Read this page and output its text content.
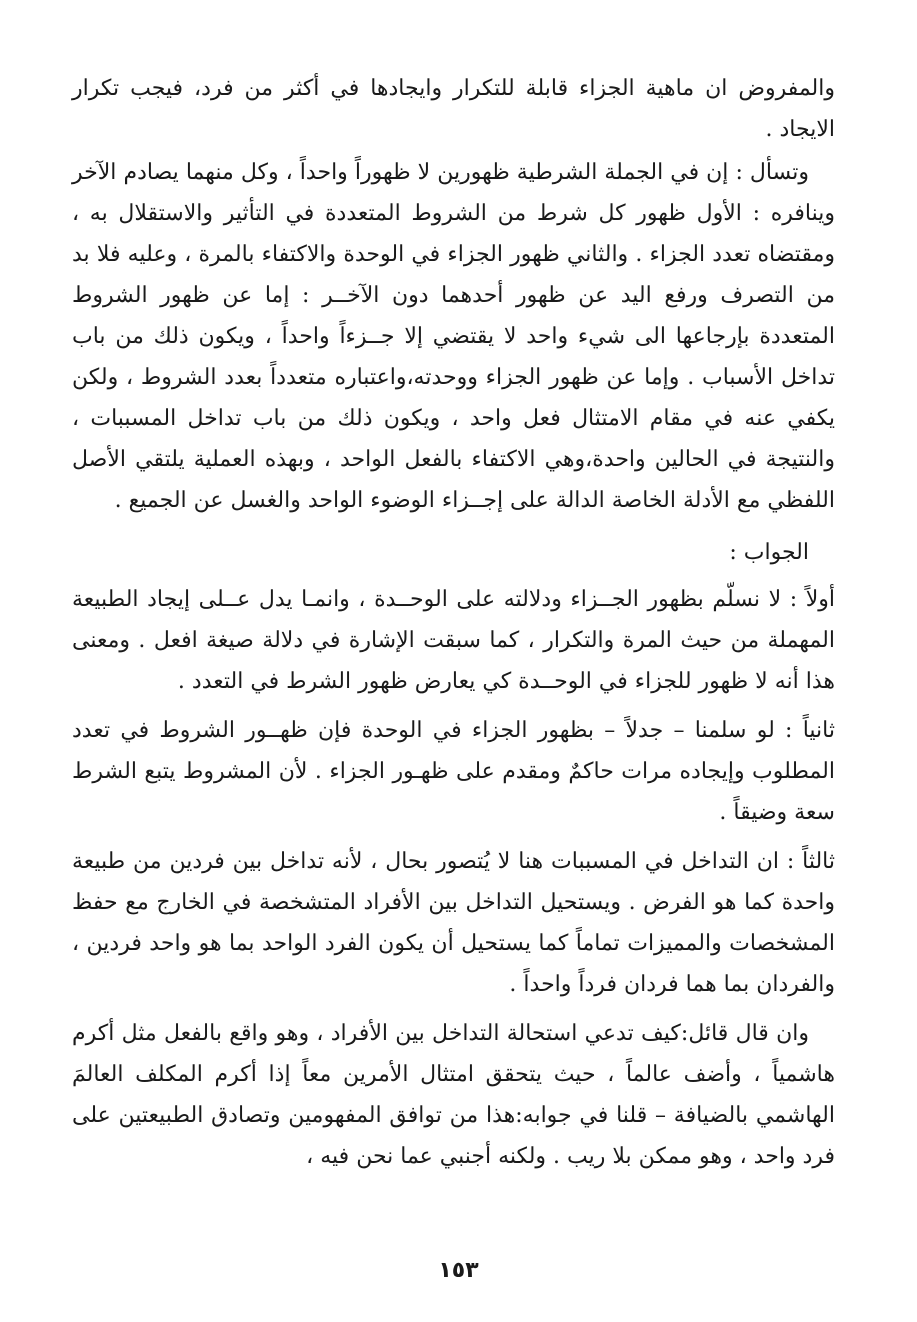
والمفروض ان ماهية الجزاء قابلة للتكرار وايجادها في أكثر من فرد، فيجب تكرار الايجاد .

وتسأل : إن في الجملة الشرطية ظهورين لا ظهوراً واحداً ، وكل منهما يصادم الآخر وينافره : الأول ظهور كل شرط من الشروط المتعددة في التأثير والاستقلال به ، ومقتضاه تعدد الجزاء . والثاني ظهور الجزاء في الوحدة والاكتفاء بالمرة ، وعليه فلا بد من التصرف ورفع اليد عن ظهور أحدهما دون الآخــر : إما عن ظهور الشروط المتعددة بإرجاعها الى شيء واحد لا يقتضي إلا جــزءاً واحداً ، ويكون ذلك من باب تداخل الأسباب . وإما عن ظهور الجزاء ووحدته،واعتباره متعدداً بعدد الشروط ، ولكن يكفي عنه في مقام الامتثال فعل واحد ، ويكون ذلك من باب تداخل المسببات ، والنتيجة في الحالين واحدة،وهي الاكتفاء بالفعل الواحد ، وبهذه العملية يلتقي الأصل اللفظي مع الأدلة الخاصة الدالة على إجــزاء الوضوء الواحد والغسل عن الجميع .

الجواب :

أولاً : لا نسلّم بظهور الجــزاء ودلالته على الوحــدة ، وانمـا يدل عــلى إيجاد الطبيعة المهملة من حيث المرة والتكرار ، كما سبقت الإشارة في دلالة صيغة افعل . ومعنى هذا أنه لا ظهور للجزاء في الوحــدة كي يعارض ظهور الشرط في التعدد .

ثانياً : لو سلمنا – جدلاً – بظهور الجزاء في الوحدة فإن ظهــور الشروط في تعدد المطلوب وإيجاده مرات حاكمٌ ومقدم على ظهـور الجزاء . لأن المشروط يتبع الشرط سعة وضيقاً .

ثالثاً : ان التداخل في المسببات هنا لا يُتصور بحال ، لأنه تداخل بين فردين من طبيعة واحدة كما هو الفرض . ويستحيل التداخل بين الأفراد المتشخصة في الخارج مع حفظ المشخصات والمميزات تماماً كما يستحيل أن يكون الفرد الواحد بما هو واحد فردين ، والفردان بما هما فردان فرداً واحداً .

وان قال قائل:كيف تدعي استحالة التداخل بين الأفراد ، وهو واقع بالفعل مثل أكرم هاشمياً ، وأضف عالماً ، حيث يتحقق امتثال الأمرين معاً إذا أكرم المكلف العالمَ الهاشمي بالضيافة – قلنا في جوابه:هذا من توافق المفهومين وتصادق الطبيعتين على فرد واحد ، وهو ممكن بلا ريب . ولكنه أجنبي عما نحن فيه ،

١٥٣
